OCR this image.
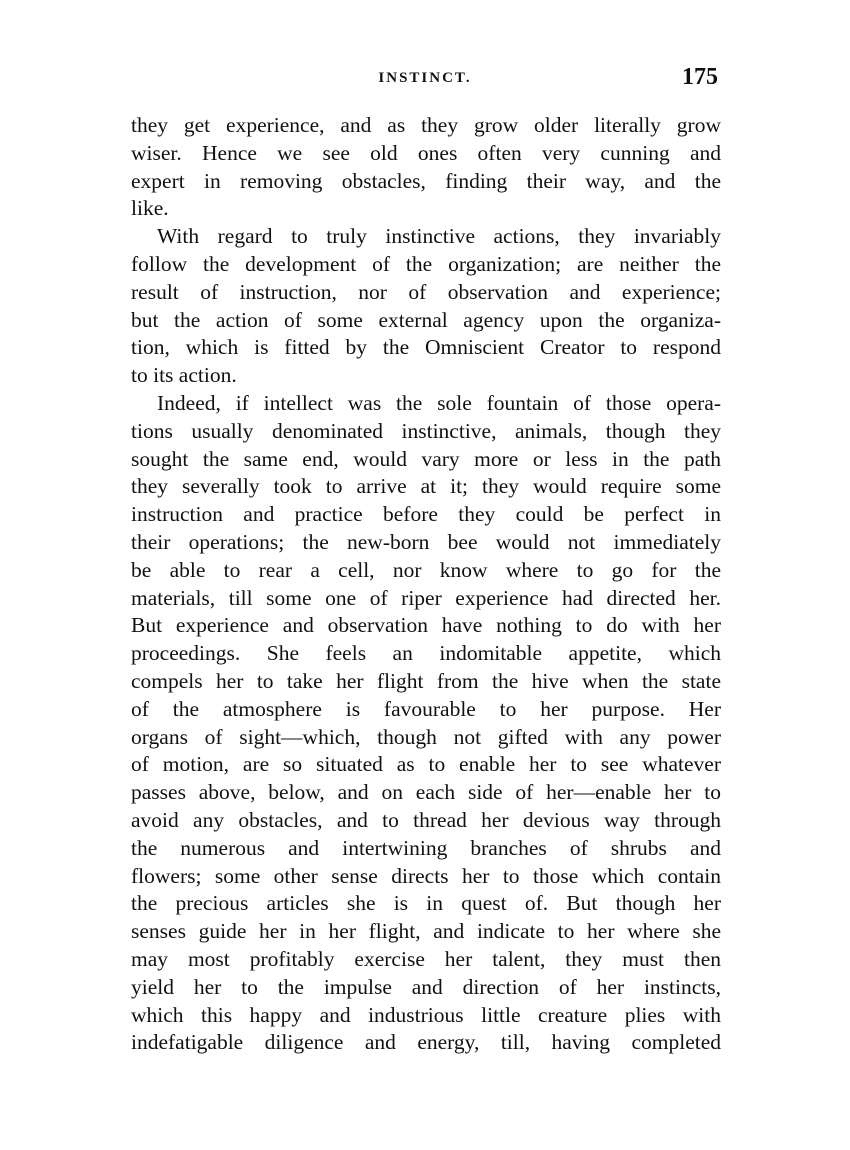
INSTINCT.	175
they get experience, and as they grow older literally grow
wiser. Hence we see old ones often very cunning and
expert in removing obstacles, finding their way, and the
like.
With regard to truly instinctive actions, they invariably
follow the development of the organization; are neither the
result of instruction, nor of observation and experience;
but the action of some external agency upon the organiza-
tion, which is fitted by the Omniscient Creator to respond
to its action.
Indeed, if intellect was the sole fountain of those opera-
tions usually denominated instinctive, animals, though they
sought the same end, would vary more or less in the path
they severally took to arrive at it; they would require some
instruction and practice before they could be perfect in
their operations; the new-born bee would not immediately
be able to rear a cell, nor know where to go for the
materials, till some one of riper experience had directed her.
But experience and observation have nothing to do with her
proceedings. She feels an indomitable appetite, which
compels her to take her flight from the hive when the state
of the atmosphere is favourable to her purpose. Her
organs of sight—which, though not gifted with any power
of motion, are so situated as to enable her to see whatever
passes above, below, and on each side of her—enable her to
avoid any obstacles, and to thread her devious way through
the numerous and intertwining branches of shrubs and
flowers; some other sense directs her to those which contain
the precious articles she is in quest of. But though her
senses guide her in her flight, and indicate to her where she
may most profitably exercise her talent, they must then
yield her to the impulse and direction of her instincts,
which this happy and industrious little creature plies with
indefatigable diligence and energy, till, having completed
